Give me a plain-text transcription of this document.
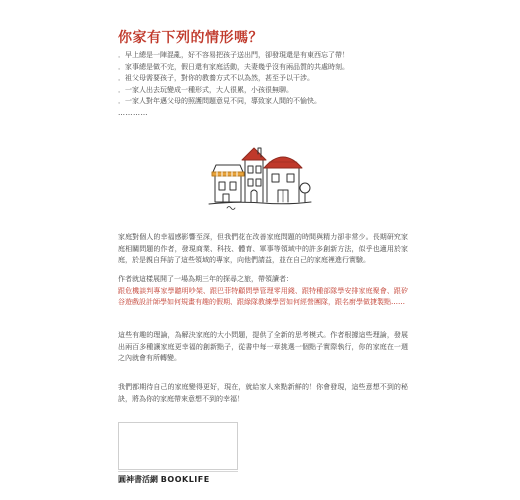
你家有下列的情形嗎？
．早上總是一陣混亂，好不容易把孩子送出門，卻發現還是有東西忘了帶！
．家事總是做不完，假日還有家庭活動，夫妻幾乎沒有兩品質的共處時刻。
．祖父母需要孩子，對你的教養方式不以為然，甚至予以干涉。
．一家人出去玩變成一種形式，大人很累，小孩很無聊。
．一家人對年邁父母的照護問題意見不同，導致家人間的不愉快。
…………

家庭對個人的幸福感影響至深，但我們花在改善家庭問題的時間與精力卻非常少。長期研究家庭相關問題的作者，發現商業、科技、體育、軍事等領域中的許多創新方法，似乎也適用於家庭，於是親自拜訪了這些領域的專家，向他們請益，並在自己的家庭裡進行實驗。

作者就這樣展開了一場為期三年的探尋之旅，帶領讀者：
跟危機談判專家學聽明吵架、跟巴菲特顧問學管理零用錢、跟特種部隊學安排家庭聚會、跟矽谷遊戲設計師學如何規畫有趣的假期、跟綠隊教練學習如何經營團隊，跟名廚學做捷製點……

這些有趣的理論，為解決家庭的大小問題，提供了全新的思考模式。作者根據這些理論，發展出兩百多種讓家庭更幸福的創新點子，從書中每一章挑選一個點子實際執行，你的家庭在一週之內就會有所轉變。

我們都期待自己的家庭變得更好，現在，就給家人來點新鮮的！你會發現，這些意想不到的秘訣，將為你的家庭帶來意想不到的幸福！

圓神書活網 BOOKLIFE
